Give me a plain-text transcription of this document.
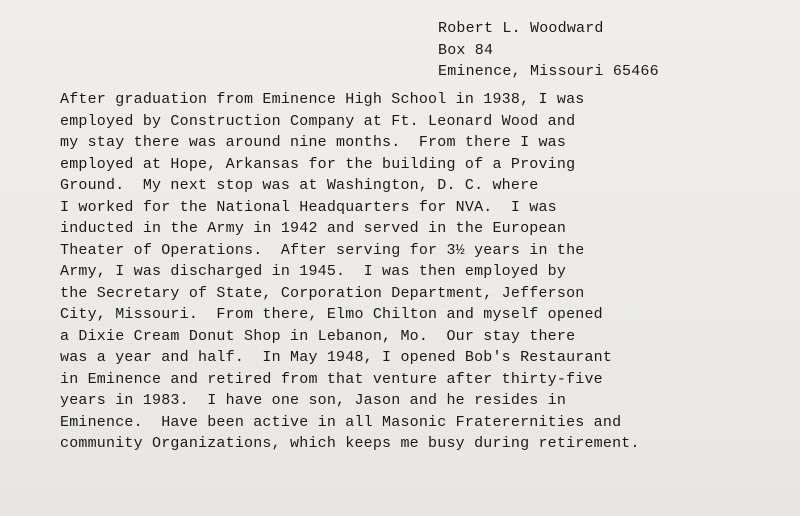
Robert L. Woodward
Box 84
Eminence, Missouri 65466
After graduation from Eminence High School in 1938, I was
employed by Construction Company at Ft. Leonard Wood and
my stay there was around nine months.  From there I was
employed at Hope, Arkansas for the building of a Proving
Ground.  My next stop was at Washington, D. C. where
I worked for the National Headquarters for NVA.  I was
inducted in the Army in 1942 and served in the European
Theater of Operations.  After serving for 3½ years in the
Army, I was discharged in 1945.  I was then employed by
the Secretary of State, Corporation Department, Jefferson
City, Missouri.  From there, Elmo Chilton and myself opened
a Dixie Cream Donut Shop in Lebanon, Mo.  Our stay there
was a year and half.  In May 1948, I opened Bob's Restaurant
in Eminence and retired from that venture after thirty-five
years in 1983.  I have one son, Jason and he resides in
Eminence.  Have been active in all Masonic Fraterernities and
community Organizations, which keeps me busy during retirement.
